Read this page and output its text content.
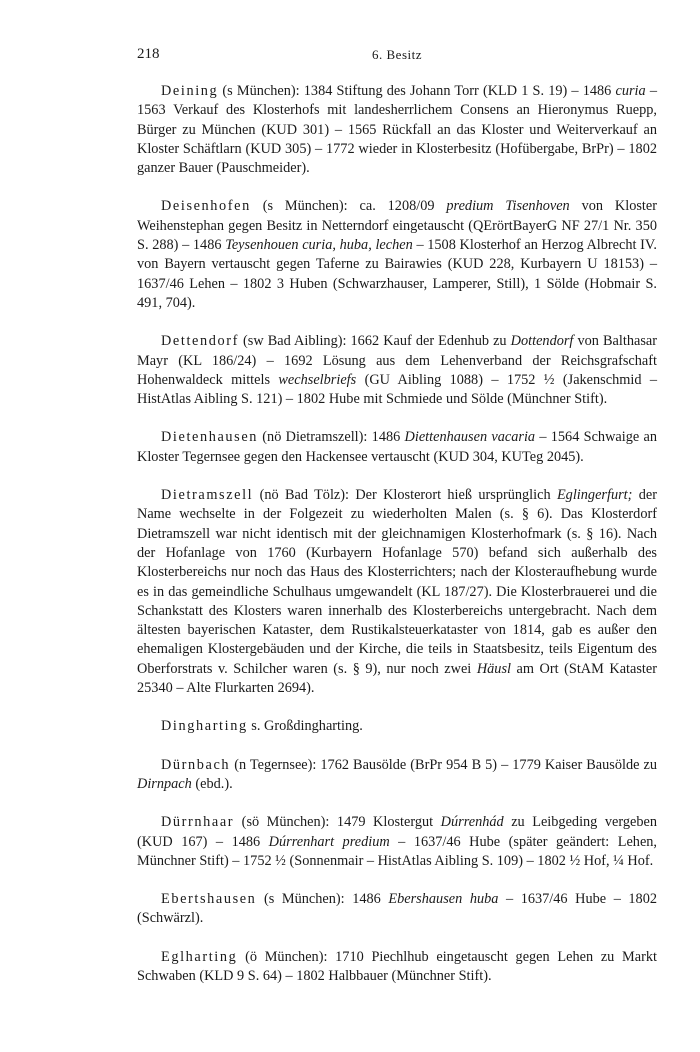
218	6. Besitz

Deining (s München): 1384 Stiftung des Johann Torr (KLD 1 S. 19) – 1486 curia – 1563 Verkauf des Klosterhofs mit landesherrlichem Consens an Hieronymus Ruepp, Bürger zu München (KUD 301) – 1565 Rückfall an das Kloster und Weiterverkauf an Kloster Schäftlarn (KUD 305) – 1772 wieder in Klosterbesitz (Hofübergabe, BrPr) – 1802 ganzer Bauer (Pauschmeider).

Deisenhofen (s München): ca. 1208/09 predium Tisenhoven von Kloster Weihenstephan gegen Besitz in Netterndorf eingetauscht (QErörtBayerG NF 27/1 Nr. 350 S. 288) – 1486 Teysenhouen curia, huba, lechen – 1508 Klosterhof an Herzog Albrecht IV. von Bayern vertauscht gegen Taferne zu Bairawies (KUD 228, Kurbayern U 18153) – 1637/46 Lehen – 1802 3 Huben (Schwarzhauser, Lamperer, Still), 1 Sölde (Hobmair S. 491, 704).

Dettendorf (sw Bad Aibling): 1662 Kauf der Edenhub zu Dottendorf von Balthasar Mayr (KL 186/24) – 1692 Lösung aus dem Lehenverband der Reichsgrafschaft Hohenwaldeck mittels wechselbriefs (GU Aibling 1088) – 1752 ½ (Jakenschmid – HistAtlas Aibling S. 121) – 1802 Hube mit Schmiede und Sölde (Münchner Stift).

Dietenhausen (nö Dietramszell): 1486 Diettenhausen vacaria – 1564 Schwaige an Kloster Tegernsee gegen den Hackensee vertauscht (KUD 304, KUTeg 2045).

Dietramszell (nö Bad Tölz): Der Klosterort hieß ursprünglich Eglingerfurt; der Name wechselte in der Folgezeit zu wiederholten Malen (s. § 6). Das Klosterdorf Dietramszell war nicht identisch mit der gleichnamigen Klosterhofmark (s. § 16). Nach der Hofanlage von 1760 (Kurbayern Hofanlage 570) befand sich außerhalb des Klosterbereichs nur noch das Haus des Klosterrichters; nach der Klosteraufhebung wurde es in das gemeindliche Schulhaus umgewandelt (KL 187/27). Die Klosterbrauerei und die Schankstatt des Klosters waren innerhalb des Klosterbereichs untergebracht. Nach dem ältesten bayerischen Kataster, dem Rustikalsteuerkataster von 1814, gab es außer den ehemaligen Klostergebäuden und der Kirche, die teils in Staatsbesitz, teils Eigentum des Oberforstrats v. Schilcher waren (s. § 9), nur noch zwei Häusl am Ort (StAM Kataster 25340 – Alte Flurkarten 2694).

Dingharting s. Großdingharting.

Dürnbach (n Tegernsee): 1762 Bausölde (BrPr 954 B 5) – 1779 Kaiser Bausölde zu Dirnpach (ebd.).

Dürrnhaar (sö München): 1479 Klostergut Dúrrenhád zu Leibgeding vergeben (KUD 167) – 1486 Dúrrenhart predium – 1637/46 Hube (später geändert: Lehen, Münchner Stift) – 1752 ½ (Sonnenmair – HistAtlas Aibling S. 109) – 1802 ½ Hof, ¼ Hof.

Ebertshausen (s München): 1486 Ebershausen huba – 1637/46 Hube – 1802 (Schwärzl).

Eglharting (ö München): 1710 Piechlhub eingetauscht gegen Lehen zu Markt Schwaben (KLD 9 S. 64) – 1802 Halbbauer (Münchner Stift).
